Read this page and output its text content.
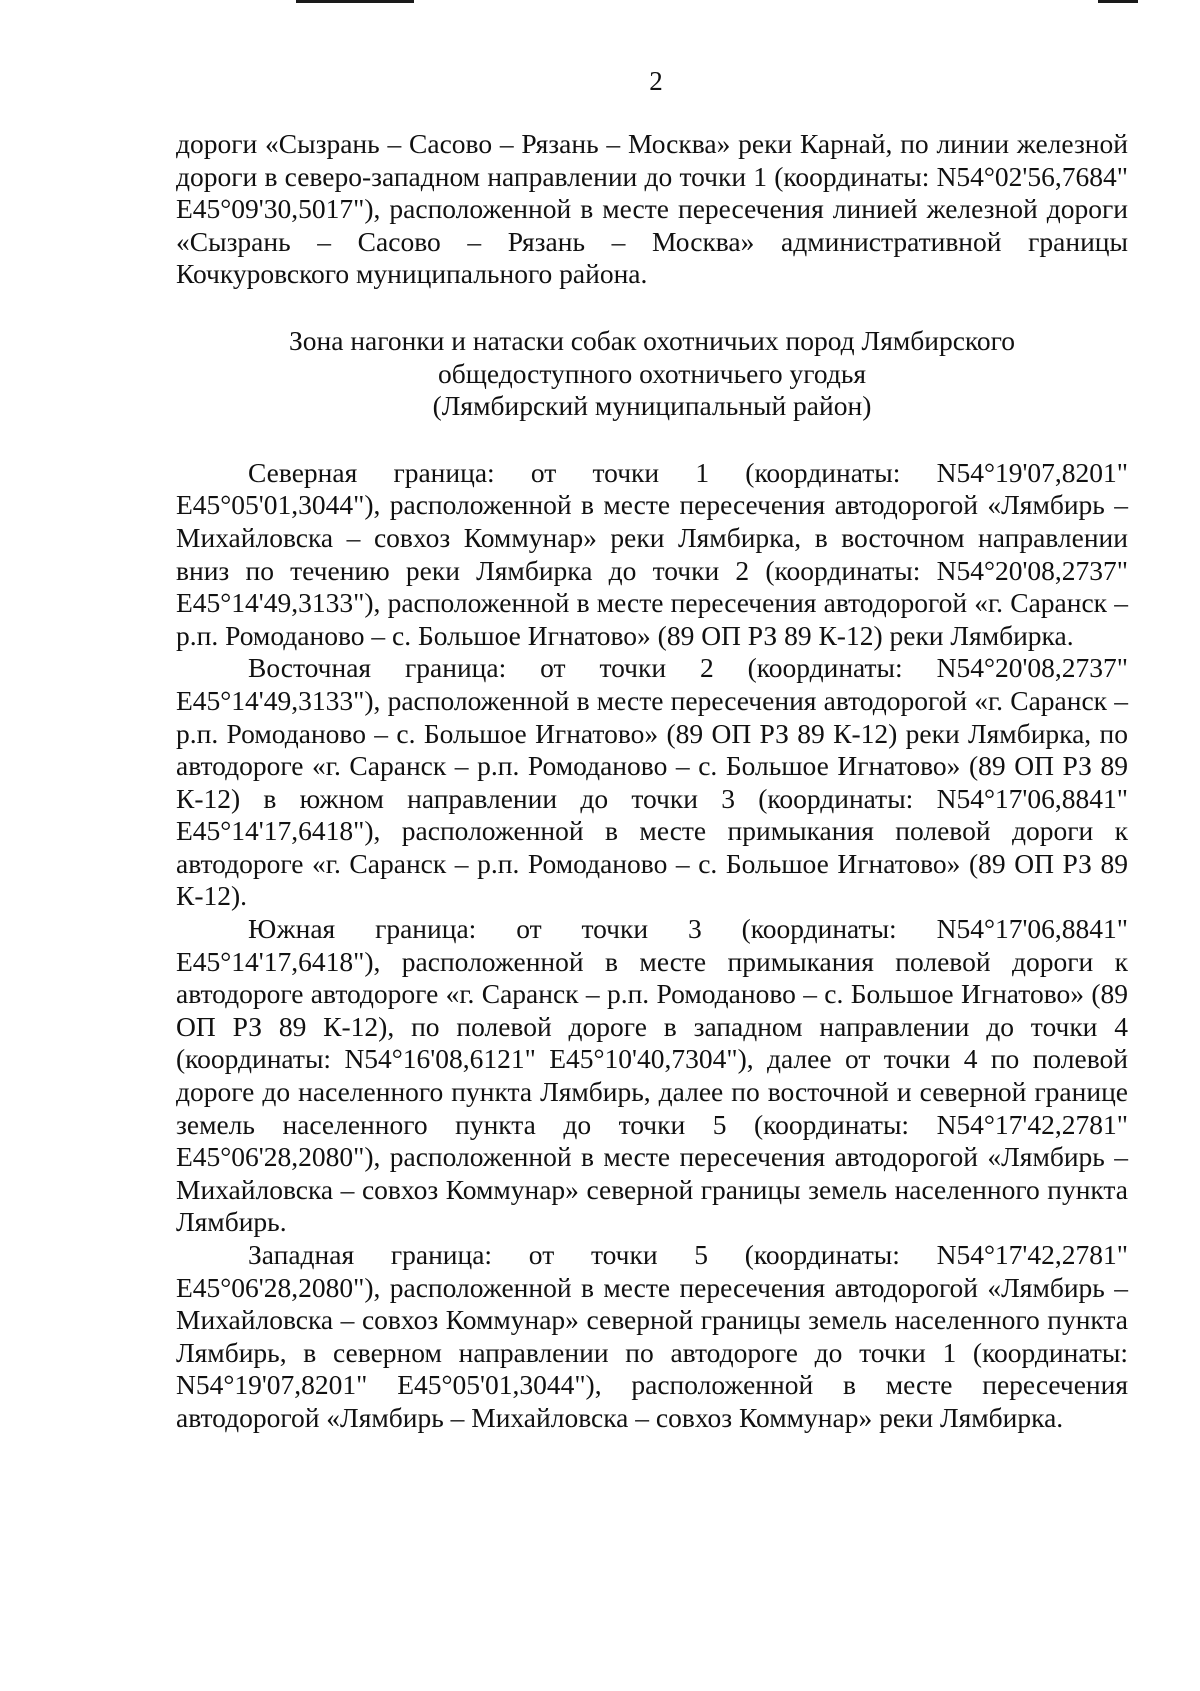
2

дороги «Сызрань – Сасово – Рязань – Москва» реки Карнай, по линии железной дороги в северо-западном направлении до точки 1 (координаты: N54°02'56,7684" E45°09'30,5017"), расположенной в месте пересечения линией железной дороги «Сызрань – Сасово – Рязань – Москва» административной границы Кочкуровского муниципального района.

Зона нагонки и натаски собак охотничьих пород Лямбирского
общедоступного охотничьего угодья
(Лямбирский муниципальный район)

Северная граница: от точки 1 (координаты: N54°19'07,8201" E45°05'01,3044"), расположенной в месте пересечения автодорогой «Лямбирь – Михайловска – совхоз Коммунар» реки Лямбирка, в восточном направлении вниз по течению реки Лямбирка до точки 2 (координаты: N54°20'08,2737" E45°14'49,3133"), расположенной в месте пересечения автодорогой «г. Саранск – р.п. Ромоданово – с. Большое Игнатово» (89 ОП РЗ 89 К-12) реки Лямбирка.

Восточная граница: от точки 2 (координаты: N54°20'08,2737" E45°14'49,3133"), расположенной в месте пересечения автодорогой «г. Саранск – р.п. Ромоданово – с. Большое Игнатово» (89 ОП РЗ 89 К-12) реки Лямбирка, по автодороге «г. Саранск – р.п. Ромоданово – с. Большое Игнатово» (89 ОП РЗ 89 К-12) в южном направлении до точки 3 (координаты: N54°17'06,8841" E45°14'17,6418"), расположенной в месте примыкания полевой дороги к автодороге «г. Саранск – р.п. Ромоданово – с. Большое Игнатово» (89 ОП РЗ 89 К-12).

Южная граница: от точки 3 (координаты: N54°17'06,8841" E45°14'17,6418"), расположенной в месте примыкания полевой дороги к автодороге автодороге «г. Саранск – р.п. Ромоданово – с. Большое Игнатово» (89 ОП РЗ 89 К-12), по полевой дороге в западном направлении до точки 4 (координаты: N54°16'08,6121" E45°10'40,7304"), далее от точки 4 по полевой дороге до населенного пункта Лямбирь, далее по восточной и северной границе земель населенного пункта до точки 5 (координаты: N54°17'42,2781" E45°06'28,2080"), расположенной в месте пересечения автодорогой «Лямбирь – Михайловска – совхоз Коммунар» северной границы земель населенного пункта Лямбирь.

Западная граница: от точки 5 (координаты: N54°17'42,2781" E45°06'28,2080"), расположенной в месте пересечения автодорогой «Лямбирь – Михайловска – совхоз Коммунар» северной границы земель населенного пункта Лямбирь, в северном направлении по автодороге до точки 1 (координаты: N54°19'07,8201" E45°05'01,3044"), расположенной в месте пересечения автодорогой «Лямбирь – Михайловска – совхоз Коммунар» реки Лямбирка.
